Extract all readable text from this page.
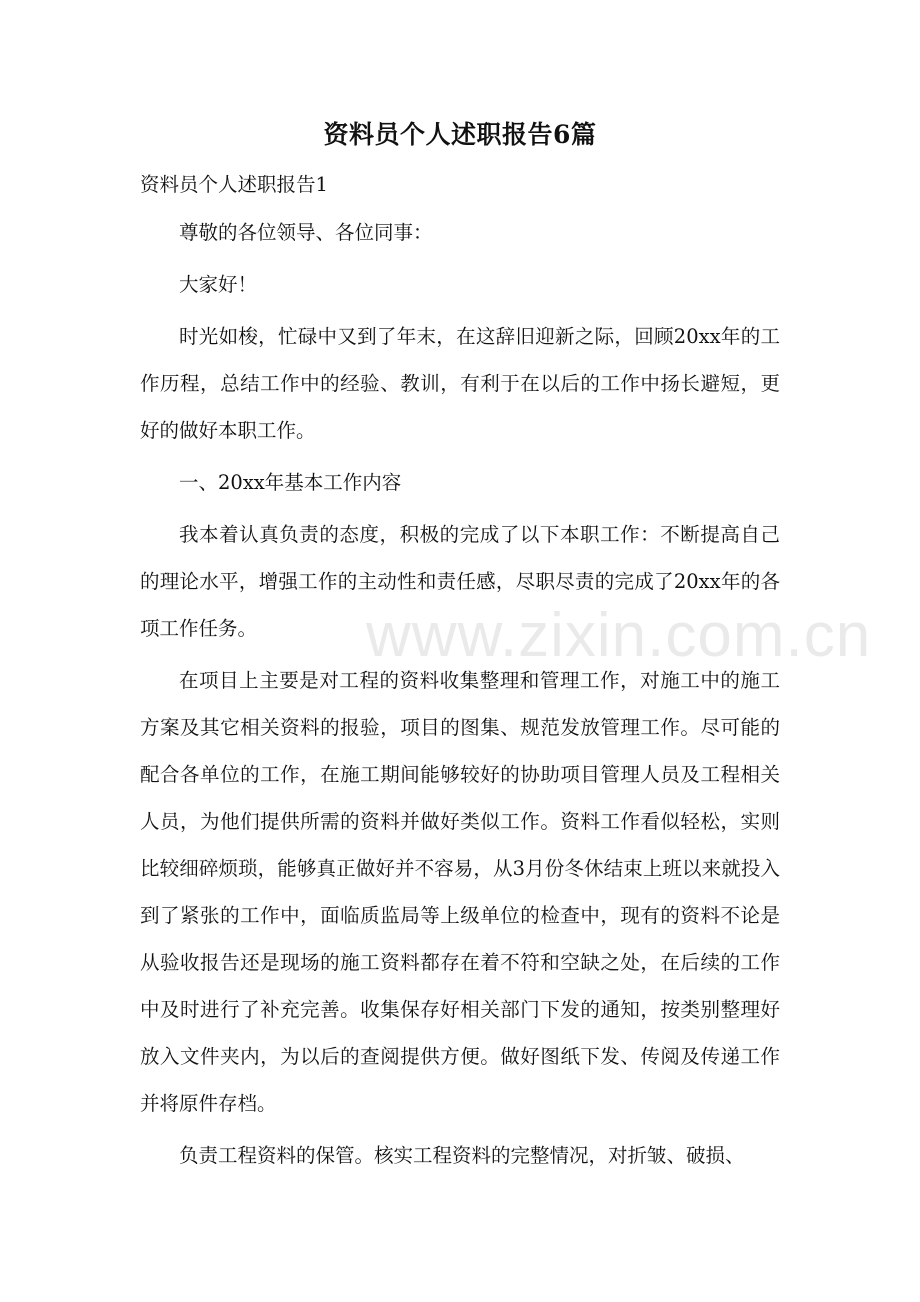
资料员个人述职报告6篇
资料员个人述职报告1

尊敬的各位领导、各位同事：

大家好！

时光如梭，忙碌中又到了年末，在这辞旧迎新之际，回顾20xx年的工作历程，总结工作中的经验、教训，有利于在以后的工作中扬长避短，更好的做好本职工作。

一、20xx年基本工作内容

我本着认真负责的态度，积极的完成了以下本职工作：不断提高自己的理论水平，增强工作的主动性和责任感，尽职尽责的完成了20xx年的各项工作任务。

在项目上主要是对工程的资料收集整理和管理工作，对施工中的施工方案及其它相关资料的报验，项目的图集、规范发放管理工作。尽可能的配合各单位的工作，在施工期间能够较好的协助项目管理人员及工程相关人员，为他们提供所需的资料并做好类似工作。资料工作看似轻松，实则比较细碎烦琐，能够真正做好并不容易，从3月份冬休结束上班以来就投入到了紧张的工作中，面临质监局等上级单位的检查中，现有的资料不论是从验收报告还是现场的施工资料都存在着不符和空缺之处，在后续的工作中及时进行了补充完善。收集保存好相关部门下发的通知，按类别整理好放入文件夹内，为以后的查阅提供方便。做好图纸下发、传阅及传递工作并将原件存档。

负责工程资料的保管。核实工程资料的完整情况，对折皱、破损、

www.zixin.com.cn
